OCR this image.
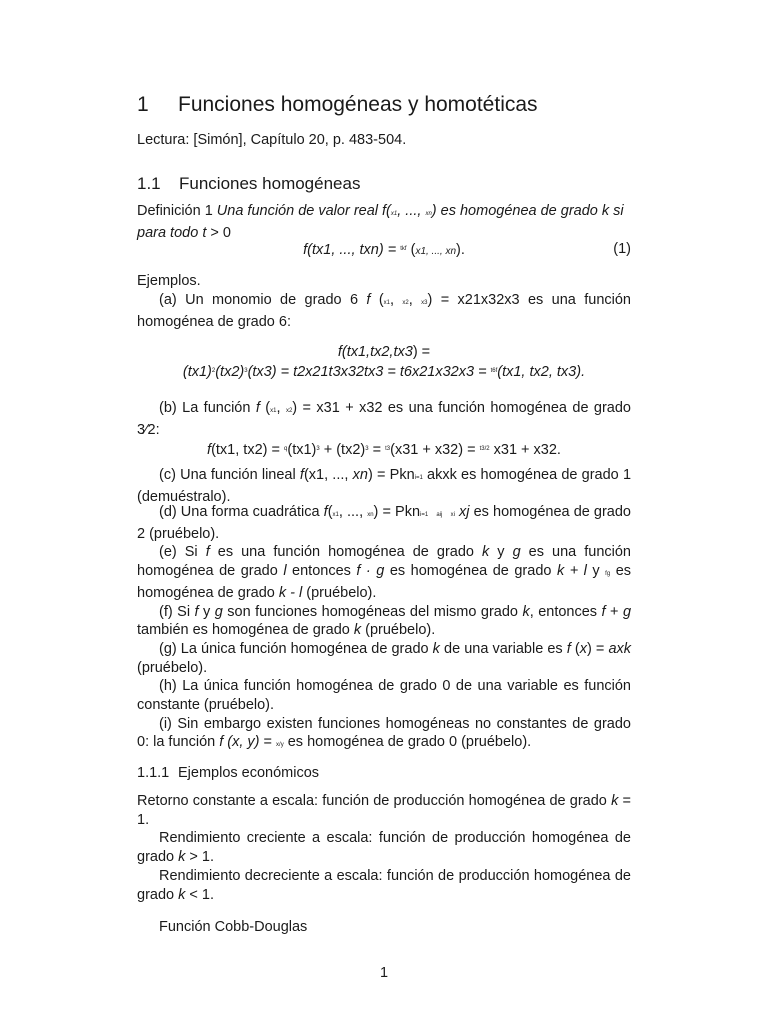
1 Funciones homogéneas y homotéticas
Lectura: [Simón], Capítulo 20, p. 483-504.
1.1 Funciones homogéneas
Definición 1 Una función de valor real f(x1, ..., xn) es homogénea de grado k si para todo t > 0
f(tx1, ..., txn) = $^{tkf}$ (x1, ..., xn).	(1)
Ejemplos.
(a) Un monomio de grado 6 f (x1, x2, x3) = x21x32x3 es una función homogénea de grado 6:
f(tx1,tx2,tx3) =
$(tx1)^2(tx2)^3(tx3) = t2x21t3x32tx3 = t6x21x32x3 = ^{t6f}(tx1$, tx2, tx3).
(b) La función f (x1, x2) = x31 + x32 es una función homogénea de grado 3⁄2:
f(tx1, $tx2) = ^q(tx1)^3 + (tx2)^3 = ^{t3}(x31 + x32) = ^{t3/2}$ x31 + x32.
(c) Una función lineal f(x1, ..., xn) = Pkni=1 akxk es homogénea de grado 1 (demuéstralo).
(d) Una forma cuadrática f(x1, ..., xn) = Pkni=1 aij xi xj es homogénea de grado 2 (pruébelo).
(e) Si f es una función homogénea de grado k y g es una función homogénea de grado l entonces f · g es homogénea de grado k + l y fg es homogénea de grado k - l (pruébelo).
(f) Si f y g son funciones homogéneas del mismo grado k, entonces f + g también es homogénea de grado k (pruébelo).
(g) La única función homogénea de grado k de una variable es f (x) = axk (pruébelo).
(h) La única función homogénea de grado 0 de una variable es función constante (pruébelo).
(i) Sin embargo existen funciones homogéneas no constantes de grado 0: la función f (x, y) = x/y es homogénea de grado 0 (pruébelo).
1.1.1 Ejemplos económicos
Retorno constante a escala: función de producción homogénea de grado k = 1.
Rendimiento creciente a escala: función de producción homogénea de grado k > 1.
Rendimiento decreciente a escala: función de producción homogénea de grado k < 1.
Función Cobb-Douglas
1
